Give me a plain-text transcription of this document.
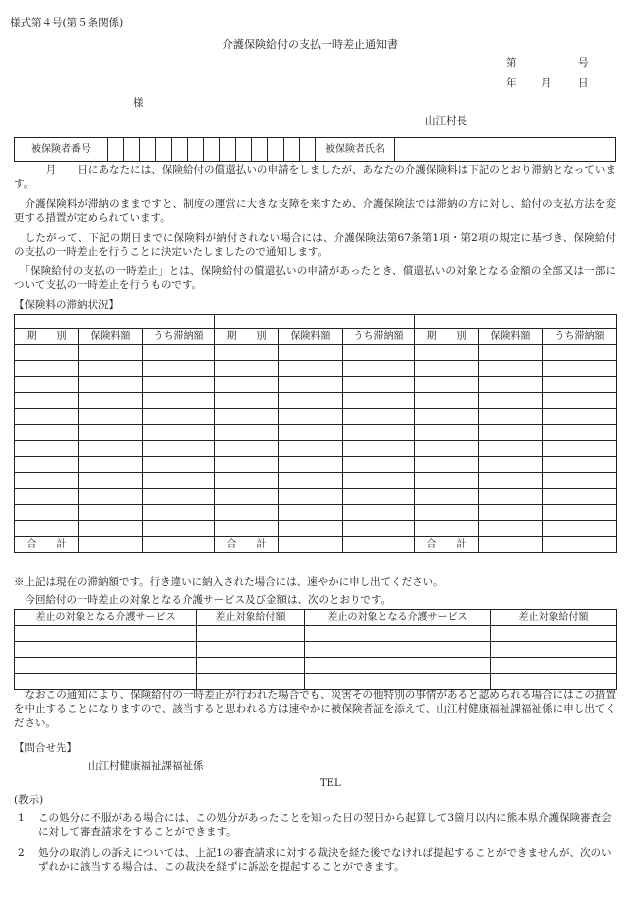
様式第４号(第５条関係)
介護保険給付の支払一時差止通知書
第	号
年 月	日
様
山江村長
被保険者番号														被保険者氏名	
　　　月　　日にあなたには、保険給付の償還払いの申請をしましたが、あなたの介護保険料は下記のとおり滞納となっています。
　介護保険料が滞納のままですと、制度の運営に大きな支障を来すため、介護保険法では滞納の方に対し、給付の支払方法を変更する措置が定められています。
　したがって、下記の期日までに保険料が納付されない場合には、介護保険法第67条第1項・第2項の規定に基づき、保険給付の支払の一時差止を行うことに決定いたしましたので通知します。
　「保険給付の支払の一時差止」とは、保険給付の償還払いの申請があったとき、償還払いの対象となる金額の全部又は一部について支払の一時差止を行うものです。
【保険料の滞納状況】

期　　別	保険料額	うち滞納額	期　　別	保険料額	うち滞納額	期　　別	保険料額	うち滞納額

合　　計			合　　計			合　　計		
※上記は現在の滞納額です。行き違いに納入された場合には、速やかに申し出てください。
　今回給付の一時差止の対象となる介護サービス及び金額は、次のとおりです。
差止の対象となる介護サービス	差止対象給付額	差止の対象となる介護サービス	差止対象給付額

　なおこの通知により、保険給付の一時差止が行われた場合でも、災害その他特別の事情があると認められる場合にはこの措置を中止することになりますので、該当すると思われる方は速やかに被保険者証を添えて、山江村健康福祉課福祉係に申し出てください。
【問合せ先】
山江村健康福祉課福祉係
TEL
(教示)
1 この処分に不服がある場合には、この処分があったことを知った日の翌日から起算して3箇月以内に熊本県介護保険審査会に対して審査請求をすることができます。
2 処分の取消しの訴えについては、上記1の審査請求に対する裁決を経た後でなければ提起することができませんが、次のいずれかに該当する場合は、この裁決を経ずに訴訟を提起することができます。
